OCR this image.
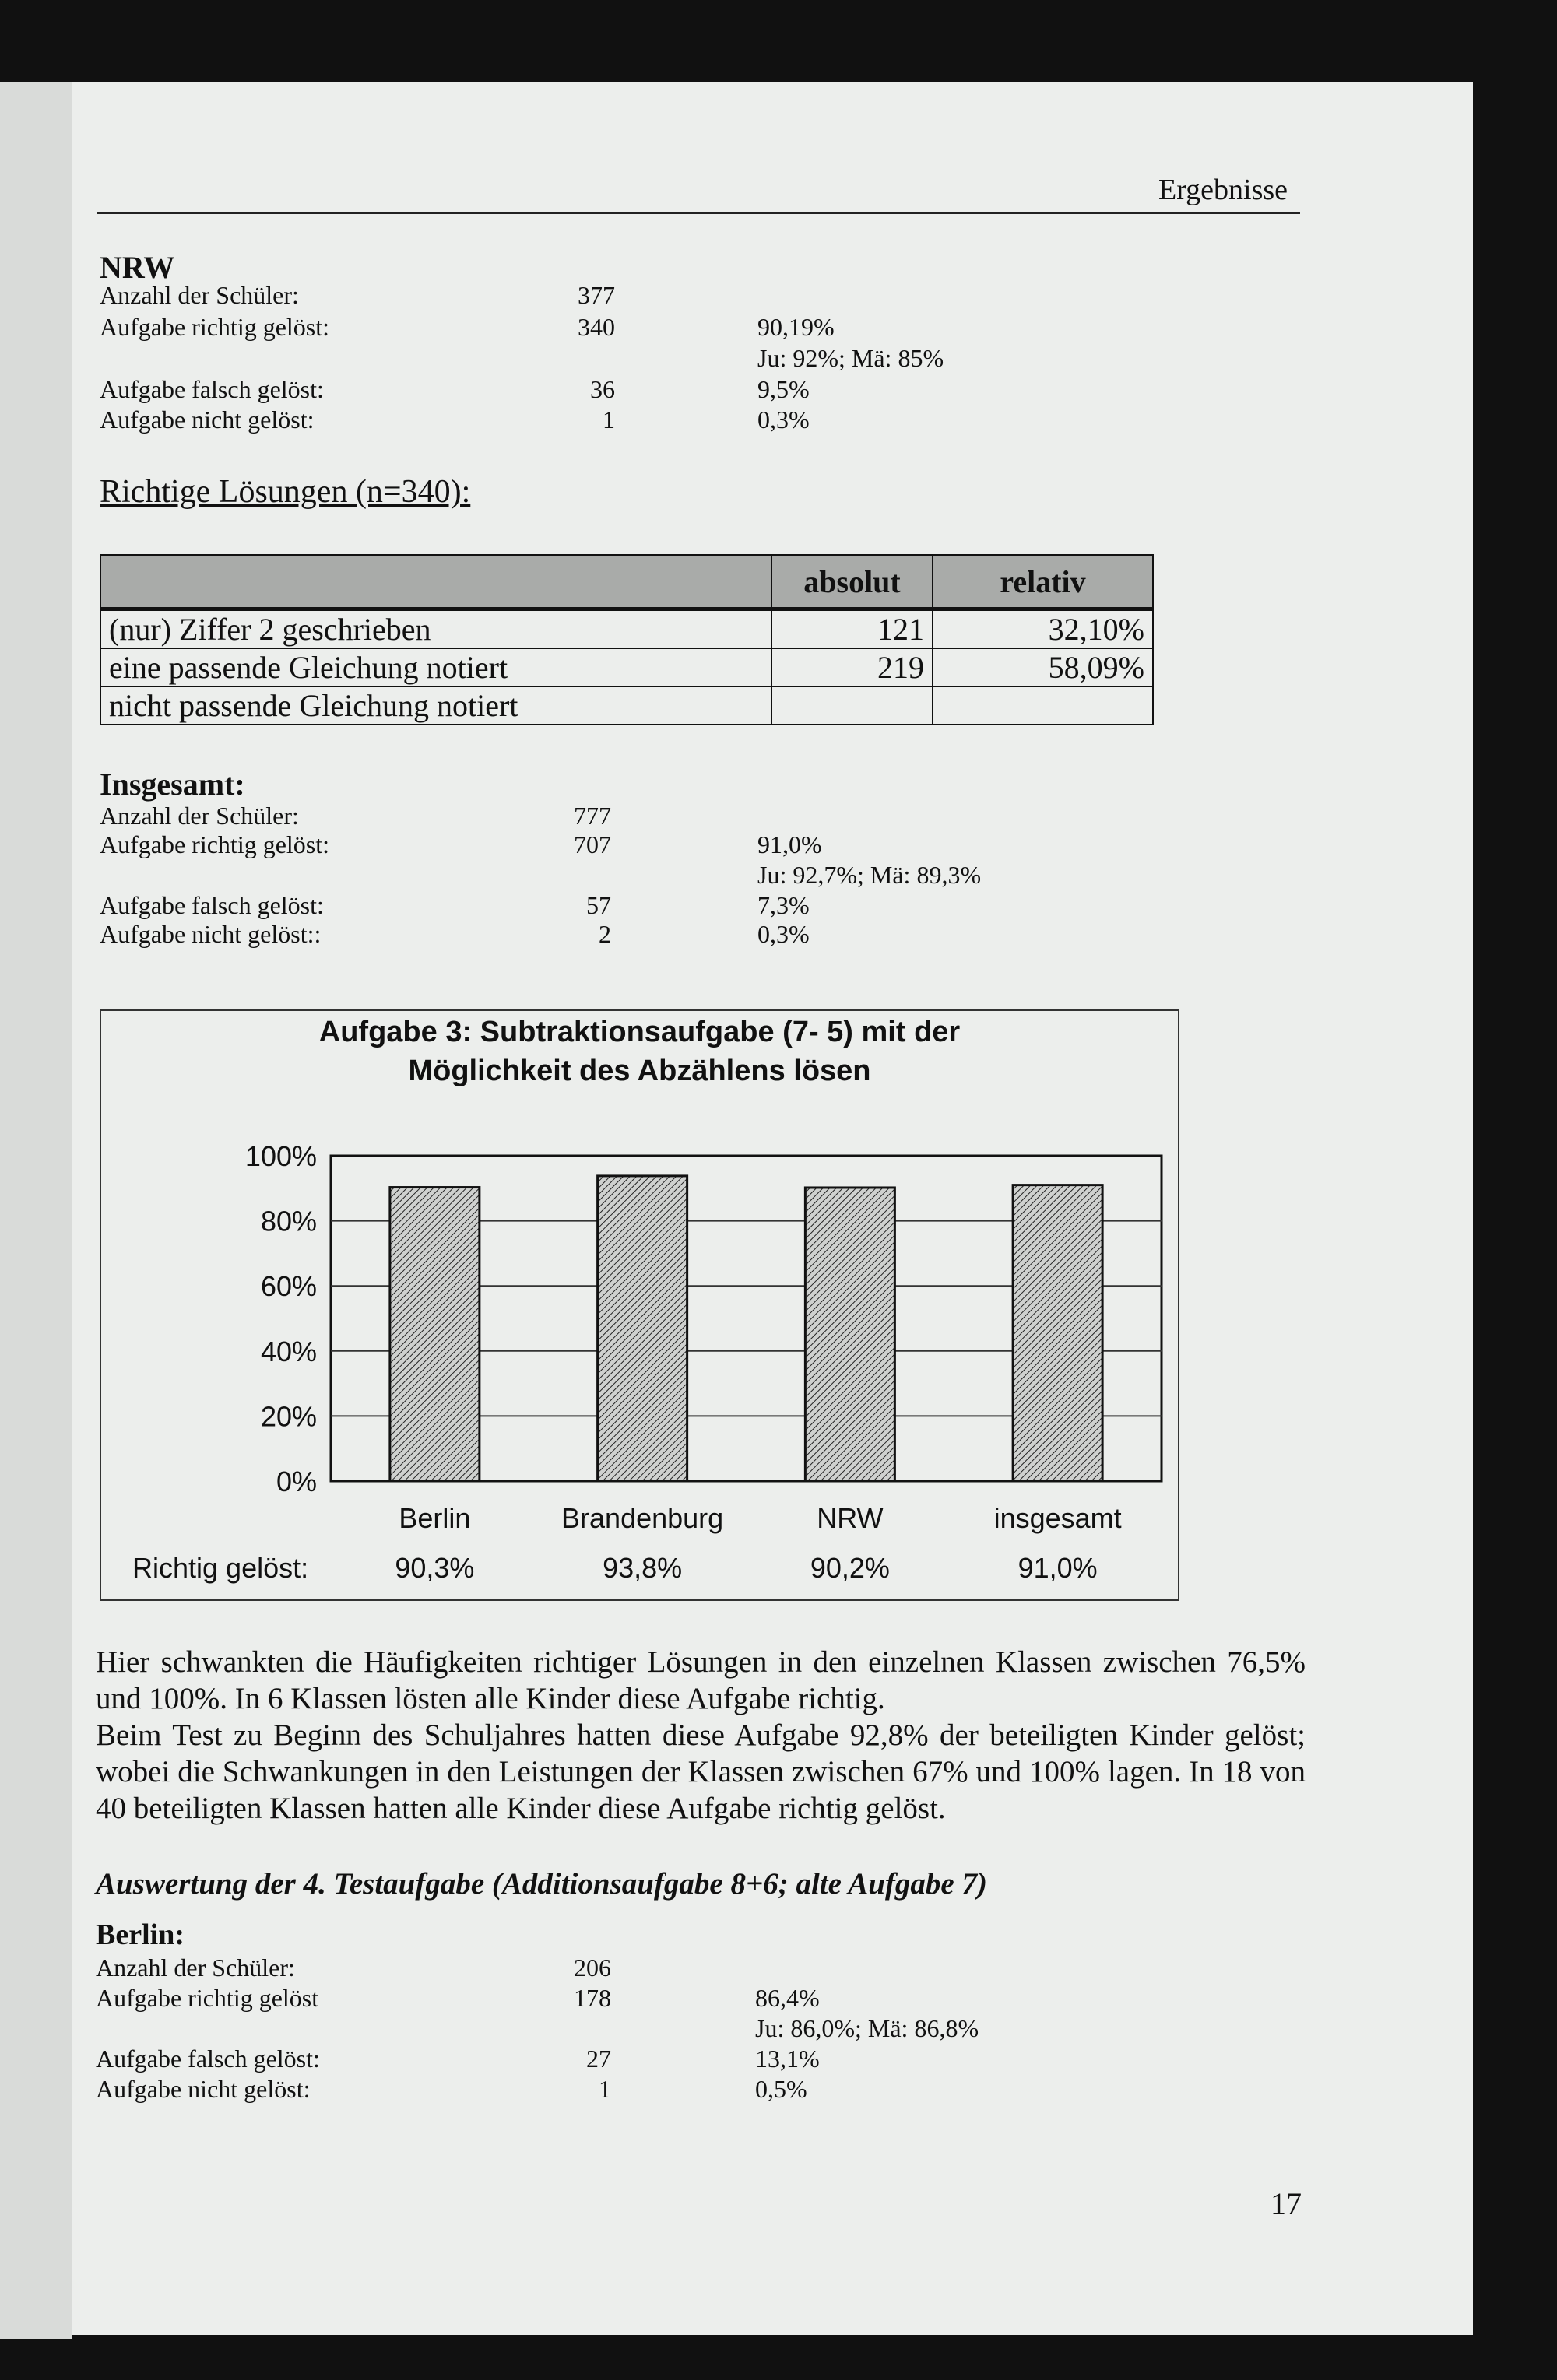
Ergebnisse
NRW
Anzahl der Schüler:	377
Aufgabe richtig gelöst:	340	90,19%
Ju: 92%; Mä: 85%
Aufgabe falsch gelöst:	36	9,5%
Aufgabe nicht gelöst:	1	0,3%
Richtige Lösungen (n=340):
	absolut	relativ
(nur) Ziffer 2 geschrieben	121	32,10%
eine passende Gleichung notiert	219	58,09%
nicht passende Gleichung notiert		
Insgesamt:
Anzahl der Schüler:	777
Aufgabe richtig gelöst:	707	91,0%
Ju: 92,7%; Mä: 89,3%
Aufgabe falsch gelöst:	57	7,3%
Aufgabe nicht gelöst::	2	0,3%
Aufgabe 3: Subtraktionsaufgabe (7- 5) mit der
Möglichkeit des Abzählens lösen
0%
20%
40%
60%
80%
100%
Berlin
90,3%
Brandenburg
93,8%
NRW
90,2%
insgesamt
91,0%
Richtig gelöst:
Hier schwankten die Häufigkeiten richtiger Lösungen in den einzelnen Klassen zwischen 76,5% und 100%. In 6 Klassen lösten alle Kinder diese Aufgabe richtig.
Beim Test zu Beginn des Schuljahres hatten diese Aufgabe 92,8% der beteiligten Kinder gelöst; wobei die Schwankungen in den Leistungen der Klassen zwischen 67% und 100% lagen. In 18 von 40 beteiligten Klassen hatten alle Kinder diese Aufgabe richtig gelöst.
Auswertung der 4. Testaufgabe (Additionsaufgabe 8+6; alte Aufgabe 7)
Berlin:
Anzahl der Schüler:	206
Aufgabe richtig gelöst	178	86,4%
Ju: 86,0%; Mä: 86,8%
Aufgabe falsch gelöst:	27	13,1%
Aufgabe nicht gelöst:	1	0,5%
17
